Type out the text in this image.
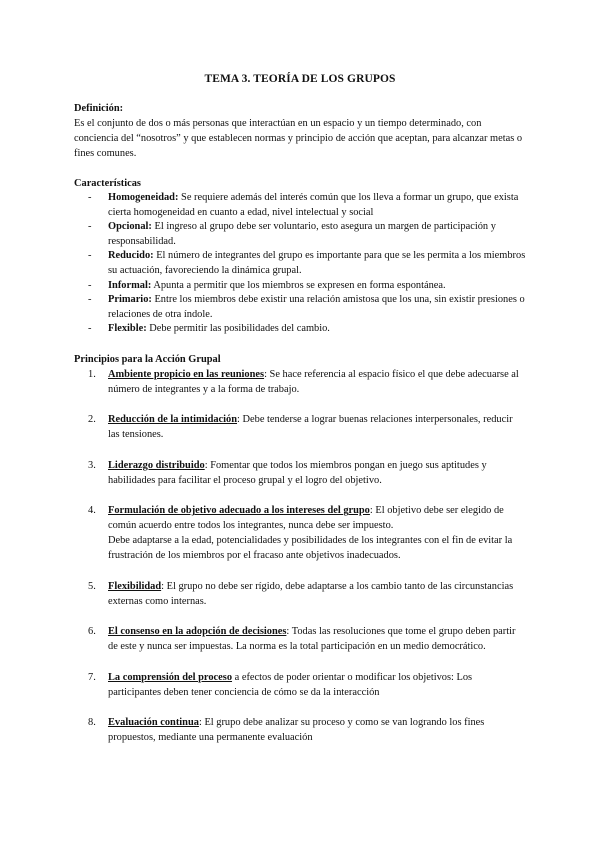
TEMA 3. TEORÍA DE LOS GRUPOS

Definición:

Es el conjunto de dos o más personas que interactúan en un espacio y un tiempo determinado, con conciencia del “nosotros” y que establecen normas y principio de acción que aceptan, para alcanzar metas o fines comunes.

Características

- Homogeneidad: Se requiere además del interés común que los lleva a formar un grupo, que exista cierta homogeneidad en cuanto a edad, nivel intelectual y social
- Opcional: El ingreso al grupo debe ser voluntario, esto asegura un margen de participación y responsabilidad.
- Reducido: El número de integrantes del grupo es importante para que se les permita a los miembros su actuación, favoreciendo la dinámica grupal.
- Informal: Apunta a permitir que los miembros se expresen en forma espontánea.
- Primario: Entre los miembros debe existir una relación amistosa que los una, sin existir presiones o relaciones de otra índole.
- Flexible: Debe permitir las posibilidades del cambio.

Principios para la Acción Grupal

1. Ambiente propicio en las reuniones: Se hace referencia al espacio físico el que debe adecuarse al número de integrantes y a la forma de trabajo.
2. Reducción de la intimidación: Debe tenderse a lograr buenas relaciones interpersonales, reducir las tensiones.
3. Liderazgo distribuido: Fomentar que todos los miembros pongan en juego sus aptitudes y habilidades para facilitar el proceso grupal y el logro del objetivo.
4. Formulación de objetivo adecuado a los intereses del grupo: El objetivo debe ser elegido de común acuerdo entre todos los integrantes, nunca debe ser impuesto.
Debe adaptarse a la edad, potencialidades y posibilidades de los integrantes con el fin de evitar la frustración de los miembros por el fracaso ante objetivos inadecuados.
5. Flexibilidad: El grupo no debe ser rígido, debe adaptarse a los cambio tanto de las circunstancias externas como internas.
6. El consenso en la adopción de decisiones: Todas las resoluciones que tome el grupo deben partir de este y nunca ser impuestas. La norma es la total participación en un medio democrático.
7. La comprensión del proceso a efectos de poder orientar o modificar los objetivos: Los participantes deben tener conciencia de cómo se da la interacción
8. Evaluación continua: El grupo debe analizar su proceso y como se van logrando los fines propuestos, mediante una permanente evaluación
